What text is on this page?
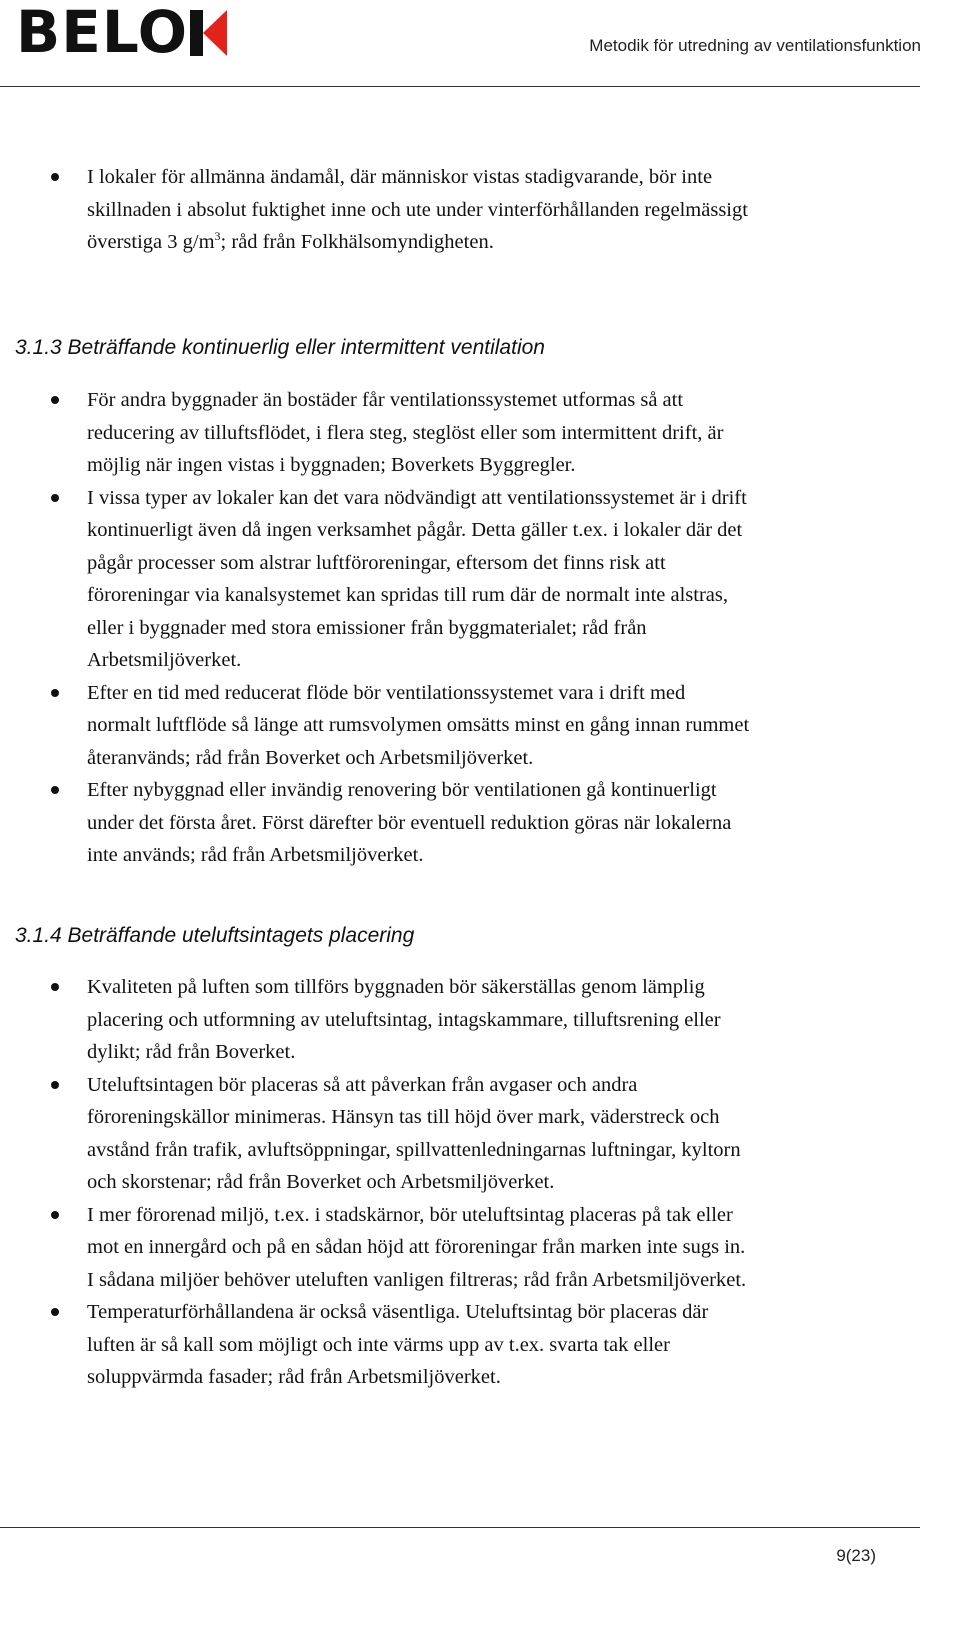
BELO	Metodik för utredning av ventilationsfunktion
I lokaler för allmänna ändamål, där människor vistas stadigvarande, bör inte
skillnaden i absolut fuktighet inne och ute under vinterförhållanden regelmässigt
överstiga 3 $g/m^3$; råd från Folkhälsomyndigheten.
3.1.3 Beträffande kontinuerlig eller intermittent ventilation
För andra byggnader än bostäder får ventilationssystemet utformas så att
reducering av tilluftsflödet, i flera steg, steglöst eller som intermittent drift, är
möjlig när ingen vistas i byggnaden; Boverkets Byggregler.
I vissa typer av lokaler kan det vara nödvändigt att ventilationssystemet är i drift
kontinuerligt även då ingen verksamhet pågår. Detta gäller t.ex. i lokaler där det
pågår processer som alstrar luftföroreningar, eftersom det finns risk att
föroreningar via kanalsystemet kan spridas till rum där de normalt inte alstras,
eller i byggnader med stora emissioner från byggmaterialet; råd från
Arbetsmiljöverket.
Efter en tid med reducerat flöde bör ventilationssystemet vara i drift med
normalt luftflöde så länge att rumsvolymen omsätts minst en gång innan rummet
återanvänds; råd från Boverket och Arbetsmiljöverket.
Efter nybyggnad eller invändig renovering bör ventilationen gå kontinuerligt
under det första året. Först därefter bör eventuell reduktion göras när lokalerna
inte används; råd från Arbetsmiljöverket.
3.1.4 Beträffande uteluftsintagets placering
Kvaliteten på luften som tillförs byggnaden bör säkerställas genom lämplig
placering och utformning av uteluftsintag, intagskammare, tilluftsrening eller
dylikt; råd från Boverket.
Uteluftsintagen bör placeras så att påverkan från avgaser och andra
föroreningskällor minimeras. Hänsyn tas till höjd över mark, väderstreck och
avstånd från trafik, avluftsöppningar, spillvattenledningarnas luftningar, kyltorn
och skorstenar; råd från Boverket och Arbetsmiljöverket.
I mer förorenad miljö, t.ex. i stadskärnor, bör uteluftsintag placeras på tak eller
mot en innergård och på en sådan höjd att föroreningar från marken inte sugs in.
I sådana miljöer behöver uteluften vanligen filtreras; råd från Arbetsmiljöverket.
Temperaturförhållandena är också väsentliga. Uteluftsintag bör placeras där
luften är så kall som möjligt och inte värms upp av t.ex. svarta tak eller
soluppvärmda fasader; råd från Arbetsmiljöverket.
9(23)
